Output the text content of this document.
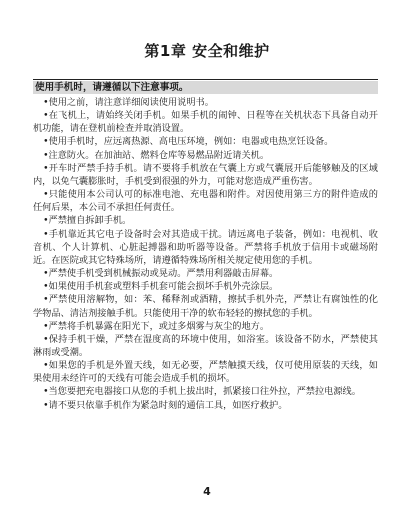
第1章 安全和维护
使用手机时，请遵循以下注意事项。

•使用之前，请注意详细阅读使用说明书。

•在飞机上，请始终关闭手机。如果手机的闹钟、日程等在关机状态下具备自动开机功能，请在登机前检查并取消设置。

•使用手机时，应远离热源、高电压环境，例如：电器或电热烹饪设备。

•注意防火。在加油站、燃料仓库等易燃品附近请关机。

•开车时严禁手持手机。请不要将手机放在气囊上方或气囊展开后能够触及的区域内，以免气囊膨胀时，手机受到很强的外力，可能对您造成严重伤害。

•只能使用本公司认可的标准电池、充电器和附件。对因使用第三方的附件造成的任何后果，本公司不承担任何责任。

•严禁擅自拆卸手机。

•手机靠近其它电子设备时会对其造成干扰。请远离电子装备，例如：电视机、收音机、个人计算机、心脏起搏器和助听器等设备。严禁将手机放于信用卡或磁场附近。在医院或其它特殊场所，请遵循特殊场所相关规定使用您的手机。

•严禁使手机受到机械振动或晃动。严禁用利器敲击屏幕。

•如果使用手机套或塑料手机套可能会损坏手机外壳涂层。

•严禁使用溶解物，如：苯、稀释剂或酒精，擦拭手机外壳，严禁让有腐蚀性的化学物品、清洁剂接触手机。只能使用干净的软布轻轻的擦拭您的手机。

•严禁将手机暴露在阳光下，或过多烟雾与灰尘的地方。

•保持手机干燥，严禁在湿度高的环境中使用，如浴室。该设备不防水，严禁使其淋雨或受潮。

•如果您的手机是外置天线，如无必要，严禁触摸天线，仅可使用原装的天线，如果使用未经许可的天线有可能会造成手机的损坏。

•当您要把充电器接口从您的手机上拔出时，抓紧接口往外拉，严禁拉电源线。

•请不要只依靠手机作为紧急时刻的通信工具，如医疗救护。

4
